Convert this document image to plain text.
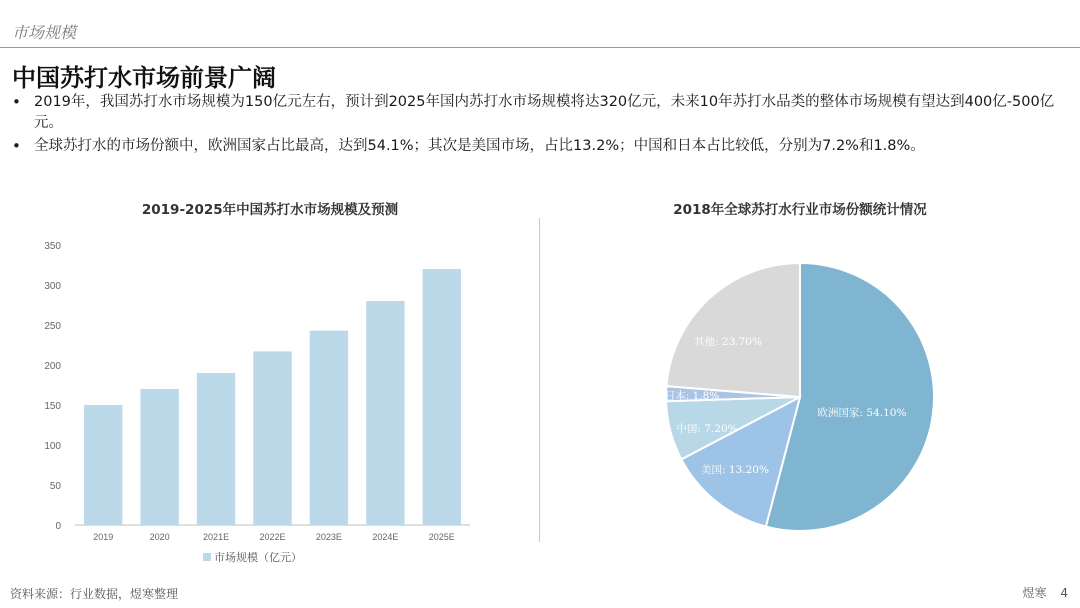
市场规模
中国苏打水市场前景广阔
• 2019年，我国苏打水市场规模为150亿元左右，预计到2025年国内苏打水市场规模将达320亿元，未来10年苏打水品类的整体市场规模有望达到400亿-500亿元。
• 全球苏打水的市场份额中，欧洲国家占比最高，达到54.1%；其次是美国市场，占比13.2%；中国和日本占比较低，分别为7.2%和1.8%。
2019-2025年中国苏打水市场规模及预测	2018年全球苏打水行业市场份额统计情况
0
50
100
150
200
250
300
350
2019	2020	2021E	2022E	2023E	2024E	2025E
市场规模（亿元）
欧洲国家: 54.10%
美国: 13.20%
中国: 7.20%
日本: 1.8%
其他: 23.70%
资料来源：行业数据，煜寒整理	煜寒 4
